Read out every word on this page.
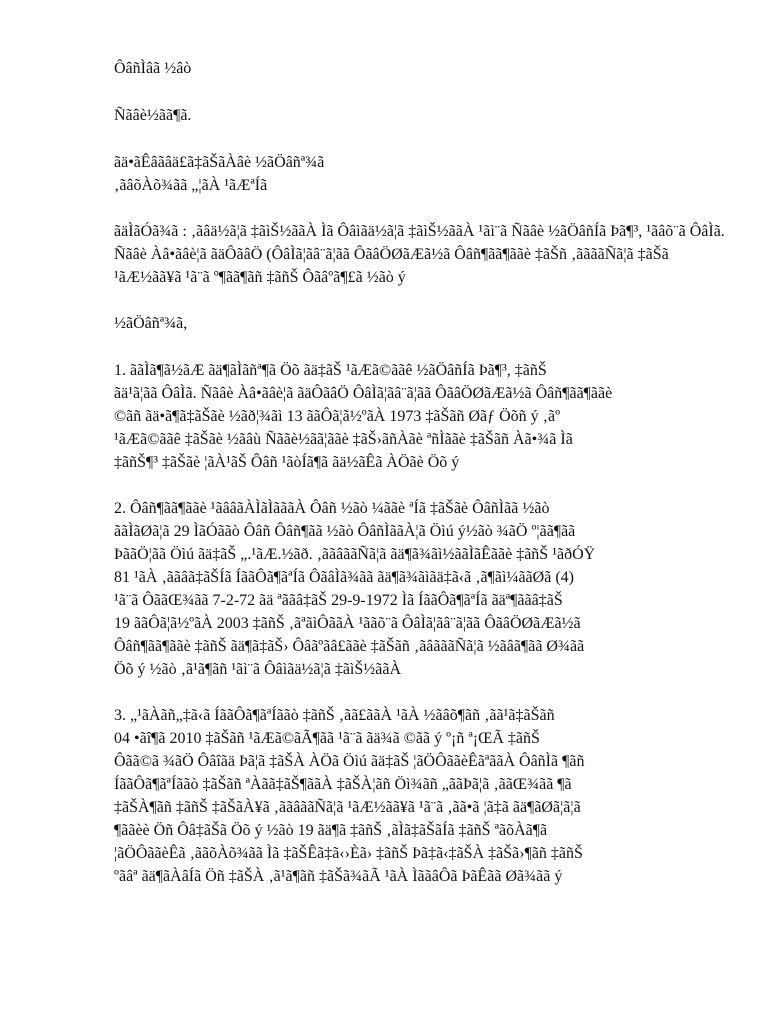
ÔâñÌâã ½âò
Ñãâè½ãã¶ã.
ãä•ãÊâãâä£ã‡ãŠãÀâè ½ãÖâñª¾ã
‚ãâõÀõ¾ãã „¦ãÀ ¹ãÆªÍã
ãäÌãÓã¾ã : ‚ãâä½ã¦ã ‡ãìŠ½ããÀ Ìã Ôâìãä½ã¦ã ‡ãìŠ½ããÀ ¹ãì¨ã Ñãâè ½ãÖâñÍã Þã¶³, ¹ãâõ¨ã ÔâÌã. Ñãâè Àâ•ãâè¦ã ãäÔãâÖ (ÔâÌã¦ãâ¨ã¦ãã ÔãâÖØãÆã½ã Ôâñ¶ãã¶ããè ‡ãŠñ ‚ããããÑã¦ã ‡ãŠã ¹ãÆ½ãã¥ã ¹ã¨ã º¶ãã¶ãñ ‡ãñŠ Ôãâºã¶£ã ½ãò ý
½ãÖâñª¾ã,
1. ããÌã¶ã½ãÆ ãä¶ãÌãñª¶ã Öõ ãä‡ãŠ ¹ãÆã©ããê ½ãÖâñÍã Þã¶³, ‡ãñŠ
ãä¹ã¦ãã ÔâÌã. Ñãâè Àâ•ãâè¦ã ãäÔãâÖ ÔâÌã¦ãâ¨ã¦ãã ÔãâÖØãÆã½ã Ôâñ¶ãã¶ããè
©ãñ ãä•ã¶ã‡ãŠãè ½ãð¦¾ãì 13 ããÔã¦ã½ºãÀ 1973 ‡ãŠãñ Øãƒ Öõñ ý ‚ãº
¹ãÆã©ããê ‡ãŠãè ½ãâù Ñããè½ãã¦ããè ‡ãŠ›ãñÀãè ªñÌããè ‡ãŠãñ Àã•¾ã Ìã
‡ãñŠ¶³ ‡ãŠãè ¦ãÀ¹ãŠ Ôâñ ¹ãòÍã¶ã ãä½ãÊã ÀÖãè Öõ ý
2. Ôâñ¶ãã¶ããè ¹ãââãÀÌãÌãããÀ Ôâñ ½ãò ¼ããè ªÍã ‡ãŠãè ÔâñÌãã ½ãò
ããÌãØã¦ã 29 ÌãÓããò Ôâñ Ôâñ¶ãã ½ãò ÔâñÌããÀ¦ã Öìú ý½ãò ¾ãÖ º¦ãã¶ãã
ÞããÖ¦ãã Öìú ãä‡ãŠ „.¹ãÆ.½ãð. ‚ããâããÑã¦ã ãä¶ã¾ãì½ããÌãÊããè ‡ãñŠ ¹ãðÓŸ
81 ¹ãÀ ‚ããâã‡ãŠÍã ÍããÔã¶ãªÍã ÔãâÌã¾ãã ãä¶ã¾ãìãä‡ã‹ã ‚ã¶ãì¼ããØã (4)
¹ã¨ã ÔããŒ¾ãã 7-2-72 ãä ªããâ‡ãŠ 29-9-1972 Ìã ÍããÔã¶ãªÍã ãäª¶ããâ‡ãŠ
19 ããÔã¦ã½ºãÀ 2003 ‡ãñŠ ‚ãªãìÔããÀ ¹ããõ¨ã ÔâÌã¦ãâ¨ã¦ãã ÔãâÖØãÆã½ã
Ôâñ¶ãã¶ããè ‡ãñŠ ãä¶ã‡ãŠ› Ôâãºãâ£ããè ‡ãŠãñ ‚ãâãããÑã¦ã ½ãâã¶ãã Ø¾ãã
Öõ ý ½ãò ‚ã¹ã¶ãñ ¹ãì¨ã Ôâìãä½ã¦ã ‡ãìŠ½ããÀ
3. „¹ãÀãñ„‡ã‹ã ÍããÔã¶ãªÍããò ‡ãñŠ ‚ãã£ããÀ ¹ãÀ ½ãâõ¶ãñ ‚ãã¹ã‡ãŠãñ
04 •ãî¶ã 2010 ‡ãŠãñ ¹ãÆã©ãÃ¶ãã ¹ã¨ã ãä¾ã ©ãã ý º¡ñ ª¡ŒÃ ‡ãñŠ
Ôãã©ã ¾ãÖ Ôâîãä Þã¦ã ‡ãŠÀ ÀÖã Öìú ãä‡ãŠ ¦ãÖÔããèÊãªããÀ ÔâñÌã ¶ãñ
ÍããÔã¶ãªÍããò ‡ãŠãñ ªÀãã‡ãŠ¶ããÀ ‡ãŠÀ¦ãñ Öì¾ãñ „ããÞã¦ã ‚ããŒ¾ãã ¶ã
‡ãŠÀ¶ãñ ‡ãñŠ ‡ãŠãÀ¥ã ‚ããâããÑã¦ã ¹ãÆ½ãã¥ã ¹ã¨ã ‚ãã•ã ¦ã‡ã ãä¶ãØã¦ã¦ã
¶ããèè Öñ Ôâ‡ãŠã Öõ ý ½ãò 19 ãä¶ã ‡ãñŠ ‚ãÌã‡ãŠãÍã ‡ãñŠ ªãõÀã¶ã
¦ãÖÔããèÊã ‚ããõÀõ¾ãã Ìã ‡ãŠÊã‡ã‹›Èã› ‡ãñŠ Þã‡ã‹‡ãŠÀ ‡ãŠã›¶ãñ ‡ãñŠ
ºãâª ãä¶ãÀâÍã Öñ ‡ãŠÀ ‚ã¹ã¶ãñ ‡ãŠã¾ãÃ ¹ãÀ ÌããâÔã ÞãÊãã Øã¾ãã ý
